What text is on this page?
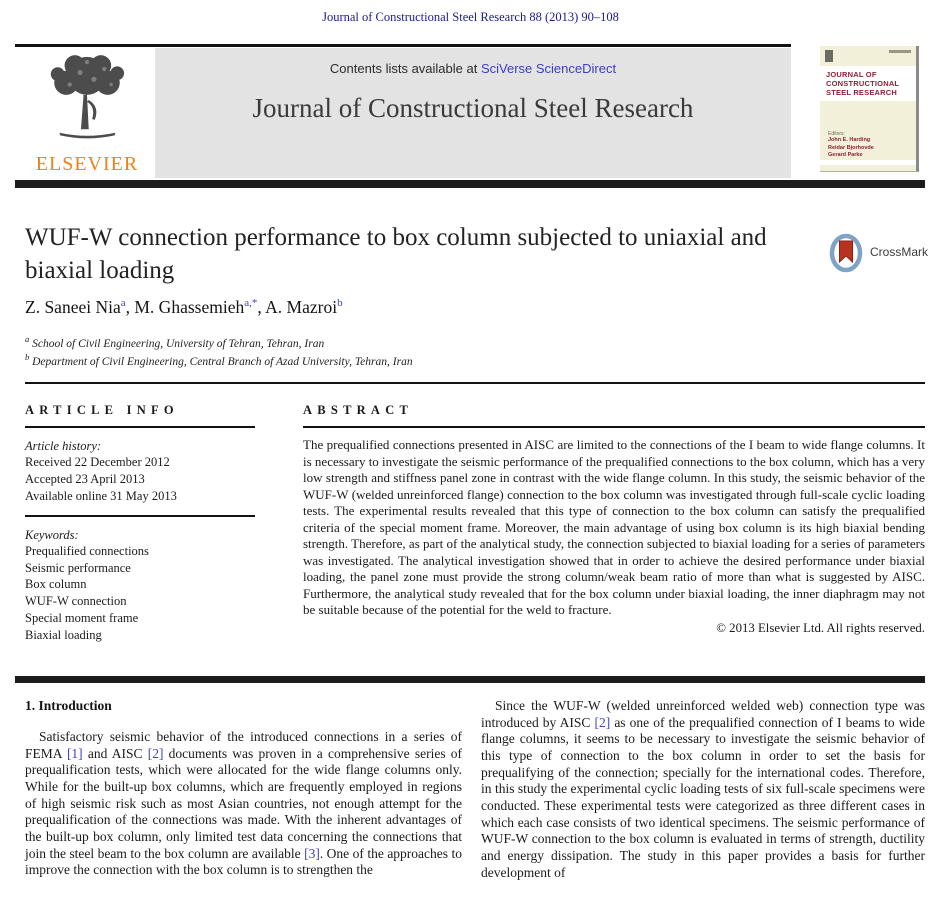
Journal of Constructional Steel Research 88 (2013) 90–108
ELSEVIER
Contents lists available at SciVerse ScienceDirect
Journal of Constructional Steel Research
JOURNAL OF CONSTRUCTIONAL STEEL RESEARCH
Editors:
John E. Harding
Reidar Bjorhovde
Gerard Parke
WUF-W connection performance to box column subjected to uniaxial and biaxial loading
CrossMark
Z. Saneei Nia$^a$, M. Ghassemieh$^{a,*}$, A. Mazroi$^b$
$^a$ School of Civil Engineering, University of Tehran, Tehran, Iran
$^b$ Department of Civil Engineering, Central Branch of Azad University, Tehran, Iran
ARTICLE INFO
Article history:
Received 22 December 2012
Accepted 23 April 2013
Available online 31 May 2013
Keywords:
Prequalified connections
Seismic performance
Box column
WUF-W connection
Special moment frame
Biaxial loading
ABSTRACT
The prequalified connections presented in AISC are limited to the connections of the I beam to wide flange columns. It is necessary to investigate the seismic performance of the prequalified connections to the box column, which has a very low strength and stiffness panel zone in contrast with the wide flange column. In this study, the seismic behavior of the WUF-W (welded unreinforced flange) connection to the box column was investigated through full-scale cyclic loading tests. The experimental results revealed that this type of connection to the box column can satisfy the prequalified criteria of the special moment frame. Moreover, the main advantage of using box column is its high biaxial bending strength. Therefore, as part of the analytical study, the connection subjected to biaxial loading for a series of parameters was investigated. The analytical investigation showed that in order to achieve the desired performance under biaxial loading, the panel zone must provide the strong column/weak beam ratio of more than what is suggested by AISC. Furthermore, the analytical study revealed that for the box column under biaxial loading, the inner diaphragm may not be suitable because of the potential for the weld to fracture.
© 2013 Elsevier Ltd. All rights reserved.
1. Introduction

Satisfactory seismic behavior of the introduced connections in a series of FEMA [1] and AISC [2] documents was proven in a comprehensive series of prequalification tests, which were allocated for the wide flange columns only. While for the built-up box columns, which are frequently employed in regions of high seismic risk such as most Asian countries, not enough attempt for the prequalification of the connections was made. With the inherent advantages of the built-up box column, only limited test data concerning the connections that join the steel beam to the box column are available [3]. One of the approaches to improve the connection with the box column is to strengthen the

Since the WUF-W (welded unreinforced welded web) connection type was introduced by AISC [2] as one of the prequalified connection of I beams to wide flange columns, it seems to be necessary to investigate the seismic behavior of this type of connection to the box column in order to set the basis for prequalifying of the connection; specially for the international codes. Therefore, in this study the experimental cyclic loading tests of six full-scale specimens were conducted. These experimental tests were categorized as three different cases in which each case consists of two identical specimens. The seismic performance of WUF-W connection to the box column is evaluated in terms of strength, ductility and energy dissipation. The study in this paper provides a basis for further development of
